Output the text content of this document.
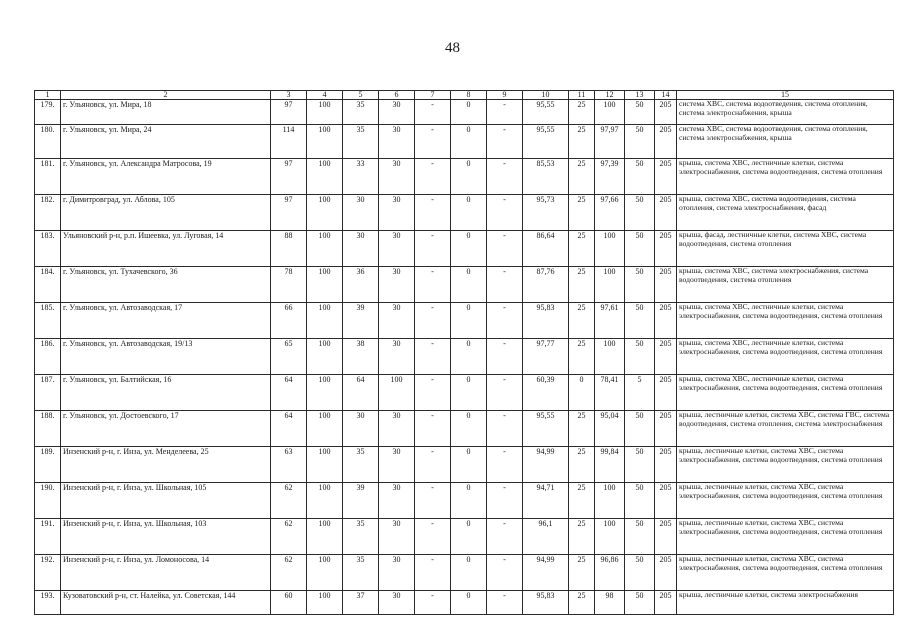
48
1	2	3	4	5	6	7	8	9	10	11	12	13	14	15
179.	г. Ульяновск, ул. Мира, 18	97	100	35	30	-	0	-	95,55	25	100	50	205	система ХВС, система водоотведения, система отопления, система электроснабжения, крыша
180.	г. Ульяновск, ул. Мира, 24	114	100	35	30	-	0	-	95,55	25	97,97	50	205	система ХВС, система водоотведения, система отопления, система электроснабжения, крыша
181.	г. Ульяновск, ул. Александра Матросова, 19	97	100	33	30	-	0	-	85,53	25	97,39	50	205	крыша, система ХВС, лестничные клетки, система электроснабжения, система водоотведения, система отопления
182.	г. Димитровград, ул. Аблова, 105	97	100	30	30	-	0	-	95,73	25	97,66	50	205	крыша, система ХВС, система водоотведения, система отопления, система электроснабжения, фасад
183.	Ульяновский р-н, р.п. Ишеевка, ул. Луговая, 14	88	100	30	30	-	0	-	86,64	25	100	50	205	крыша, фасад, лестничные клетки, система ХВС, система водоотведения, система отопления
184.	г. Ульяновск, ул. Тухачевского, 36	78	100	36	30	-	0	-	87,76	25	100	50	205	крыша, система ХВС, система электроснабжения, система водоотведения, система отопления
185.	г. Ульяновск, ул. Автозаводская, 17	66	100	39	30	-	0	-	95,83	25	97,61	50	205	крыша, система ХВС, лестничные клетки, система электроснабжения, система водоотведения, система отопления
186.	г. Ульяновск, ул. Автозаводская, 19/13	65	100	38	30	-	0	-	97,77	25	100	50	205	крыша, система ХВС, лестничные клетки, система электроснабжения, система водоотведения, система отопления
187.	г. Ульяновск, ул. Балтийская, 16	64	100	64	100	-	0	-	60,39	0	78,41	5	205	крыша, система ХВС, лестничные клетки, система электроснабжения, система водоотведения, система отопления
188.	г. Ульяновск, ул. Достоевского, 17	64	100	30	30	-	0	-	95,55	25	95,04	50	205	крыша, лестничные клетки, система ХВС, система ГВС, система водоотведения, система отопления, система электроснабжения
189.	Инзенский р-н, г. Инза, ул. Менделеева, 25	63	100	35	30	-	0	-	94,99	25	99,84	50	205	крыша, лестничные клетки, система ХВС, система электроснабжения, система водоотведения, система отопления
190.	Инзенский р-н, г. Инза, ул. Школьная, 105	62	100	39	30	-	0	-	94,71	25	100	50	205	крыша, лестничные клетки, система ХВС, система электроснабжения, система водоотведения, система отопления
191.	Инзенский р-н, г. Инза, ул. Школьная, 103	62	100	35	30	-	0	-	96,1	25	100	50	205	крыша, лестничные клетки, система ХВС, система электроснабжения, система водоотведения, система отопления
192.	Инзенский р-н, г. Инза, ул. Ломоносова, 14	62	100	35	30	-	0	-	94,99	25	96,86	50	205	крыша, лестничные клетки, система ХВС, система электроснабжения, система водоотведения, система отопления
193.	Кузоватовский р-н, ст. Налейка, ул. Советская, 144	60	100	37	30	-	0	-	95,83	25	98	50	205	крыша, лестничные клетки, система электроснабжения
